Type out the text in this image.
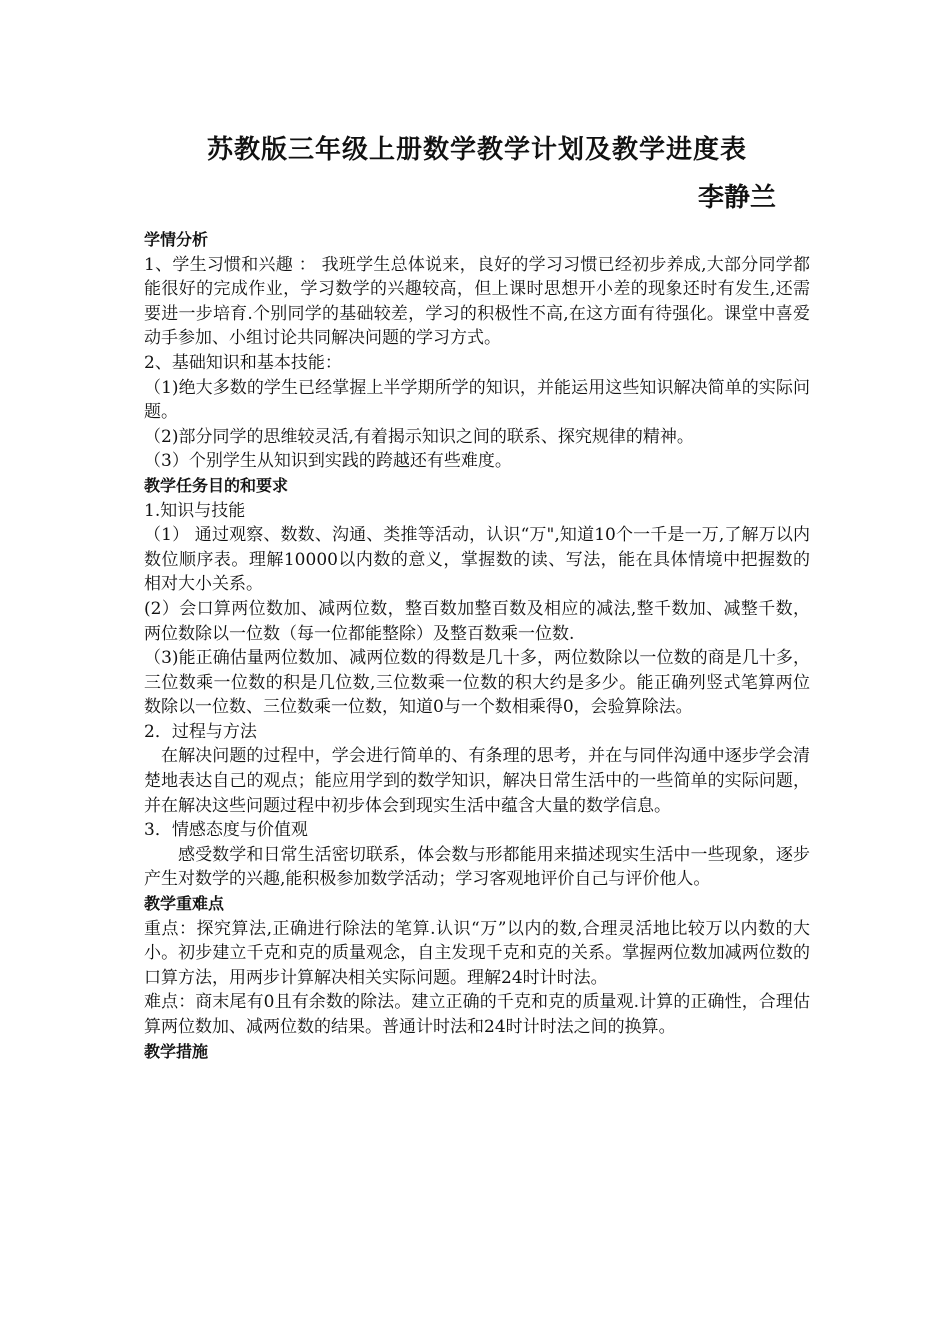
苏教版三年级上册数学教学计划及教学进度表
李静兰
学情分析

1、学生习惯和兴趣 ： 我班学生总体说来，良好的学习习惯已经初步养成,大部分同学都能很好的完成作业，学习数学的兴趣较高，但上课时思想开小差的现象还时有发生,还需要进一步培育.个别同学的基础较差，学习的积极性不高,在这方面有待强化。课堂中喜爱动手参加、小组讨论共同解决问题的学习方式。

2、基础知识和基本技能：

（1)绝大多数的学生已经掌握上半学期所学的知识，并能运用这些知识解决简单的实际问题。

（2)部分同学的思维较灵活,有着揭示知识之间的联系、探究规律的精神。

（3）个别学生从知识到实践的跨越还有些难度。

教学任务目的和要求

1.知识与技能

（1） 通过观察、数数、沟通、类推等活动，认识“万",知道10个一千是一万,了解万以内数位顺序表。理解10000以内数的意义，掌握数的读、写法，能在具体情境中把握数的相对大小关系。

(2）会口算两位数加、减两位数，整百数加整百数及相应的减法,整千数加、减整千数，两位数除以一位数（每一位都能整除）及整百数乘一位数.

（3)能正确估量两位数加、减两位数的得数是几十多，两位数除以一位数的商是几十多，三位数乘一位数的积是几位数,三位数乘一位数的积大约是多少。能正确列竖式笔算两位数除以一位数、三位数乘一位数，知道0与一个数相乘得0，会验算除法。

2．过程与方法

在解决问题的过程中，学会进行简单的、有条理的思考，并在与同伴沟通中逐步学会清楚地表达自己的观点；能应用学到的数学知识，解决日常生活中的一些简单的实际问题，并在解决这些问题过程中初步体会到现实生活中蕴含大量的数学信息。

3．情感态度与价值观

感受数学和日常生活密切联系，体会数与形都能用来描述现实生活中一些现象，逐步产生对数学的兴趣,能积极参加数学活动；学习客观地评价自己与评价他人。

教学重难点

重点：探究算法,正确进行除法的笔算.认识“万”以内的数,合理灵活地比较万以内数的大小。初步建立千克和克的质量观念，自主发现千克和克的关系。掌握两位数加减两位数的口算方法，用两步计算解决相关实际问题。理解24时计时法。

难点：商末尾有0且有余数的除法。建立正确的千克和克的质量观.计算的正确性，合理估算两位数加、减两位数的结果。普通计时法和24时计时法之间的换算。

教学措施
